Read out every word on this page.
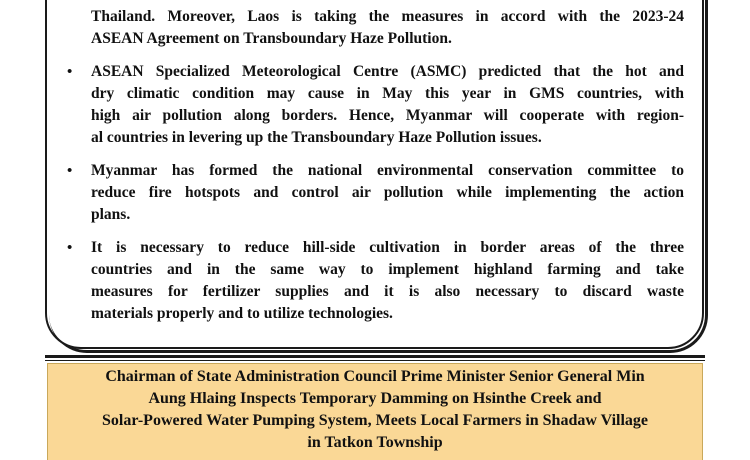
Thailand. Moreover, Laos is taking the measures in accord with the 2023-24
ASEAN Agreement on Transboundary Haze Pollution.
• ASEAN Specialized Meteorological Centre (ASMC) predicted that the hot and
dry climatic condition may cause in May this year in GMS countries, with
high air pollution along borders. Hence, Myanmar will cooperate with region-
al countries in levering up the Transboundary Haze Pollution issues.
• Myanmar has formed the national environmental conservation committee to
reduce fire hotspots and control air pollution while implementing the action
plans.
• It is necessary to reduce hill-side cultivation in border areas of the three
countries and in the same way to implement highland farming and take
measures for fertilizer supplies and it is also necessary to discard waste
materials properly and to utilize technologies.
Chairman of State Administration Council Prime Minister Senior General Min
Aung Hlaing Inspects Temporary Damming on Hsinthe Creek and
Solar-Powered Water Pumping System, Meets Local Farmers in Shadaw Village
in Tatkon Township
